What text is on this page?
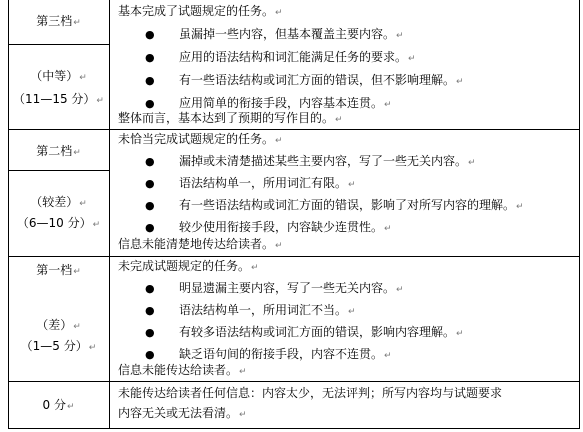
第三档↵
（中等）↵
（11—15 分）↵
基本完成了试题规定的任务。↵
● 虽漏掉一些内容，但基本覆盖主要内容。↵
● 应用的语法结构和词汇能满足任务的要求。↵
● 有一些语法结构或词汇方面的错误，但不影响理解。↵
● 应用简单的衔接手段，内容基本连贯。↵
整体而言，基本达到了预期的写作目的。↵
第二档↵
（较差）↵
（6—10 分）↵
未恰当完成试题规定的任务。↵
● 漏掉或未清楚描述某些主要内容，写了一些无关内容。↵
● 语法结构单一，所用词汇有限。↵
● 有一些语法结构或词汇方面的错误，影响了对所写内容的理解。↵
● 较少使用衔接手段，内容缺少连贯性。↵
信息未能清楚地传达给读者。↵
第一档↵
（差）↵
（1—5 分）↵
未完成试题规定的任务。↵
● 明显遗漏主要内容，写了一些无关内容。↵
● 语法结构单一，所用词汇不当。↵
● 有较多语法结构或词汇方面的错误，影响内容理解。↵
● 缺乏语句间的衔接手段，内容不连贯。↵
信息未能传达给读者。↵
0 分↵
未能传达给读者任何信息：内容太少，无法评判；所写内容均与试题要求
内容无关或无法看清。↵
